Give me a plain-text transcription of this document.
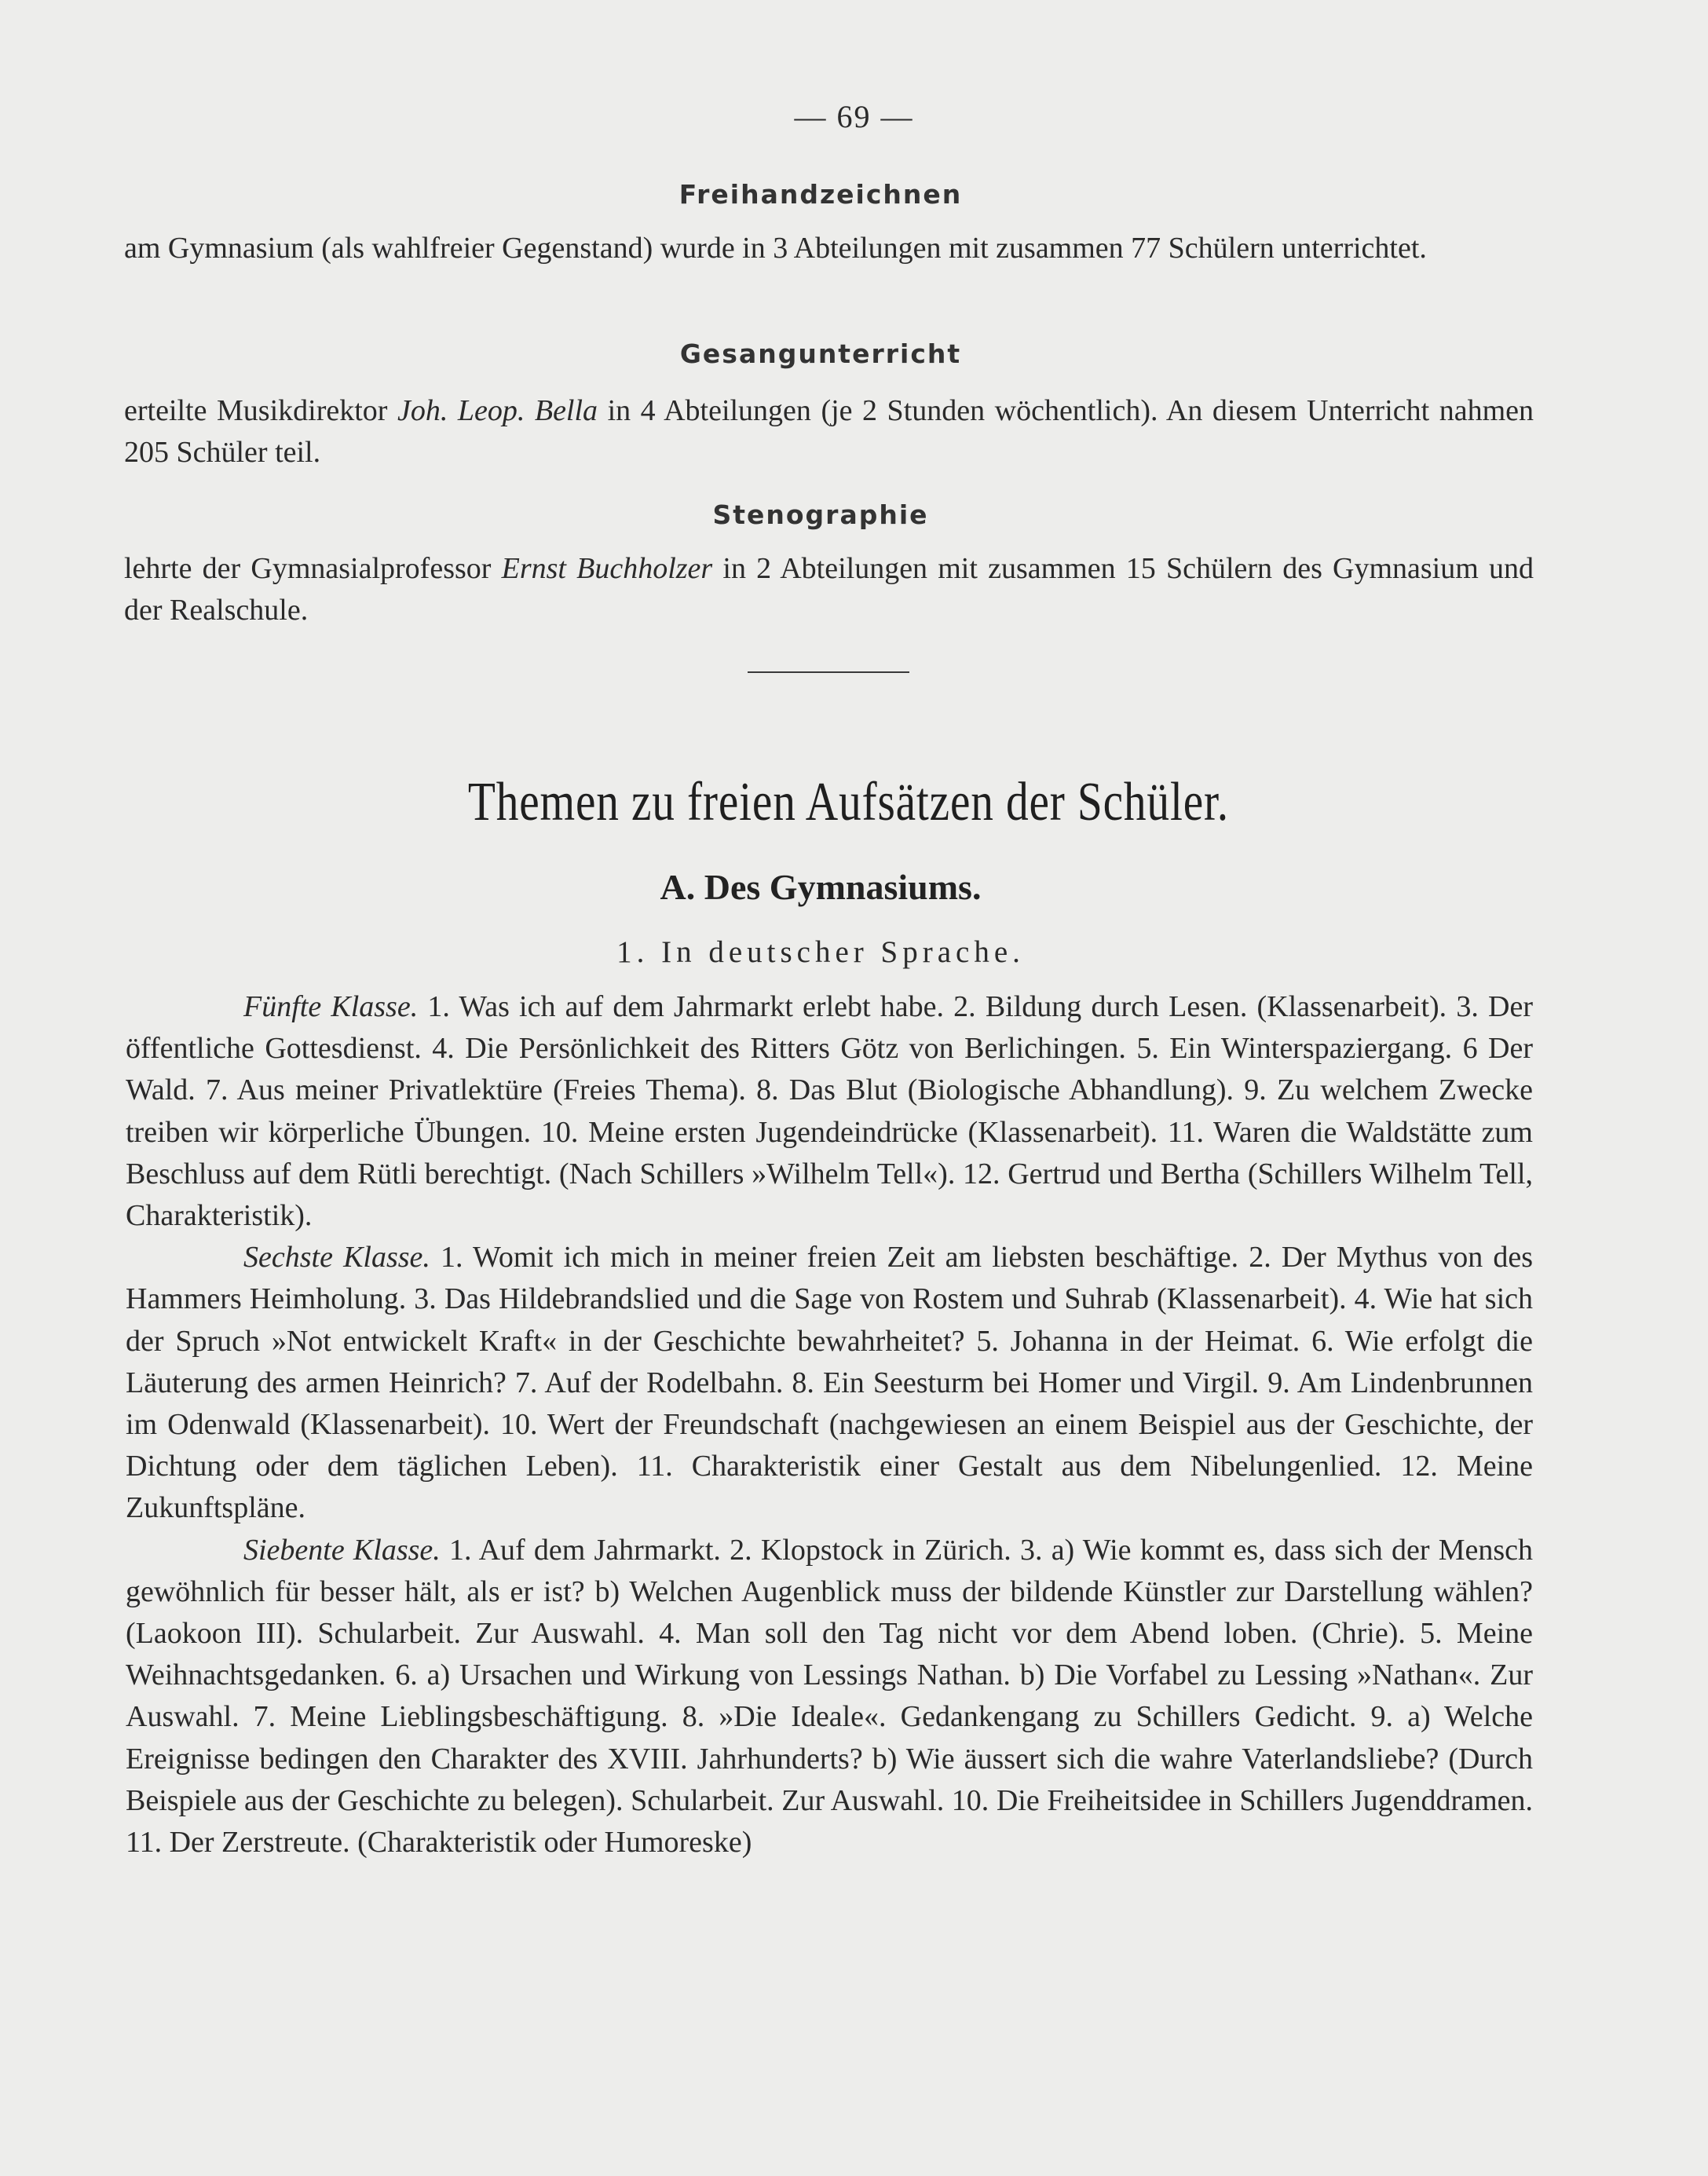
— 69 —
Freihandzeichnen

am Gymnasium (als wahlfreier Gegenstand) wurde in 3 Abteilungen mit zusammen 77 Schülern unterrichtet.

Gesangunterricht

erteilte Musikdirektor Joh. Leop. Bella in 4 Abteilungen (je 2 Stunden wöchentlich). An diesem Unterricht nahmen 205 Schüler teil.

Stenographie

lehrte der Gymnasialprofessor Ernst Buchholzer in 2 Abteilungen mit zusammen 15 Schülern des Gymnasium und der Realschule.

Themen zu freien Aufsätzen der Schüler.
A. Des Gymnasiums.
1. In deutscher Sprache.

Fünfte Klasse. 1. Was ich auf dem Jahrmarkt erlebt habe. 2. Bildung durch Lesen. (Klassenarbeit). 3. Der öffentliche Gottesdienst. 4. Die Persönlichkeit des Ritters Götz von Berlichingen. 5. Ein Winterspaziergang. 6 Der Wald. 7. Aus meiner Privatlektüre (Freies Thema). 8. Das Blut (Biologische Abhandlung). 9. Zu welchem Zwecke treiben wir körperliche Übungen. 10. Meine ersten Jugendeindrücke (Klassenarbeit). 11. Waren die Waldstätte zum Beschluss auf dem Rütli berechtigt. (Nach Schillers »Wilhelm Tell«). 12. Gertrud und Bertha (Schillers Wilhelm Tell, Charakteristik).

Sechste Klasse. 1. Womit ich mich in meiner freien Zeit am liebsten beschäftige. 2. Der Mythus von des Hammers Heimholung. 3. Das Hildebrandslied und die Sage von Rostem und Suhrab (Klassenarbeit). 4. Wie hat sich der Spruch »Not entwickelt Kraft« in der Geschichte bewahrheitet? 5. Johanna in der Heimat. 6. Wie erfolgt die Läuterung des armen Heinrich? 7. Auf der Rodelbahn. 8. Ein Seesturm bei Homer und Virgil. 9. Am Lindenbrunnen im Odenwald (Klassenarbeit). 10. Wert der Freundschaft (nachgewiesen an einem Beispiel aus der Geschichte, der Dichtung oder dem täglichen Leben). 11. Charakteristik einer Gestalt aus dem Nibelungenlied. 12. Meine Zukunftspläne.

Siebente Klasse. 1. Auf dem Jahrmarkt. 2. Klopstock in Zürich. 3. a) Wie kommt es, dass sich der Mensch gewöhnlich für besser hält, als er ist? b) Welchen Augenblick muss der bildende Künstler zur Darstellung wählen? (Laokoon III). Schularbeit. Zur Auswahl. 4. Man soll den Tag nicht vor dem Abend loben. (Chrie). 5. Meine Weihnachtsgedanken. 6. a) Ursachen und Wirkung von Lessings Nathan. b) Die Vorfabel zu Lessing »Nathan«. Zur Auswahl. 7. Meine Lieblingsbeschäftigung. 8. »Die Ideale«. Gedankengang zu Schillers Gedicht. 9. a) Welche Ereignisse bedingen den Charakter des XVIII. Jahrhunderts? b) Wie äussert sich die wahre Vaterlandsliebe? (Durch Beispiele aus der Geschichte zu belegen). Schularbeit. Zur Auswahl. 10. Die Freiheitsidee in Schillers Jugenddramen. 11. Der Zerstreute. (Charakteristik oder Humoreske)
